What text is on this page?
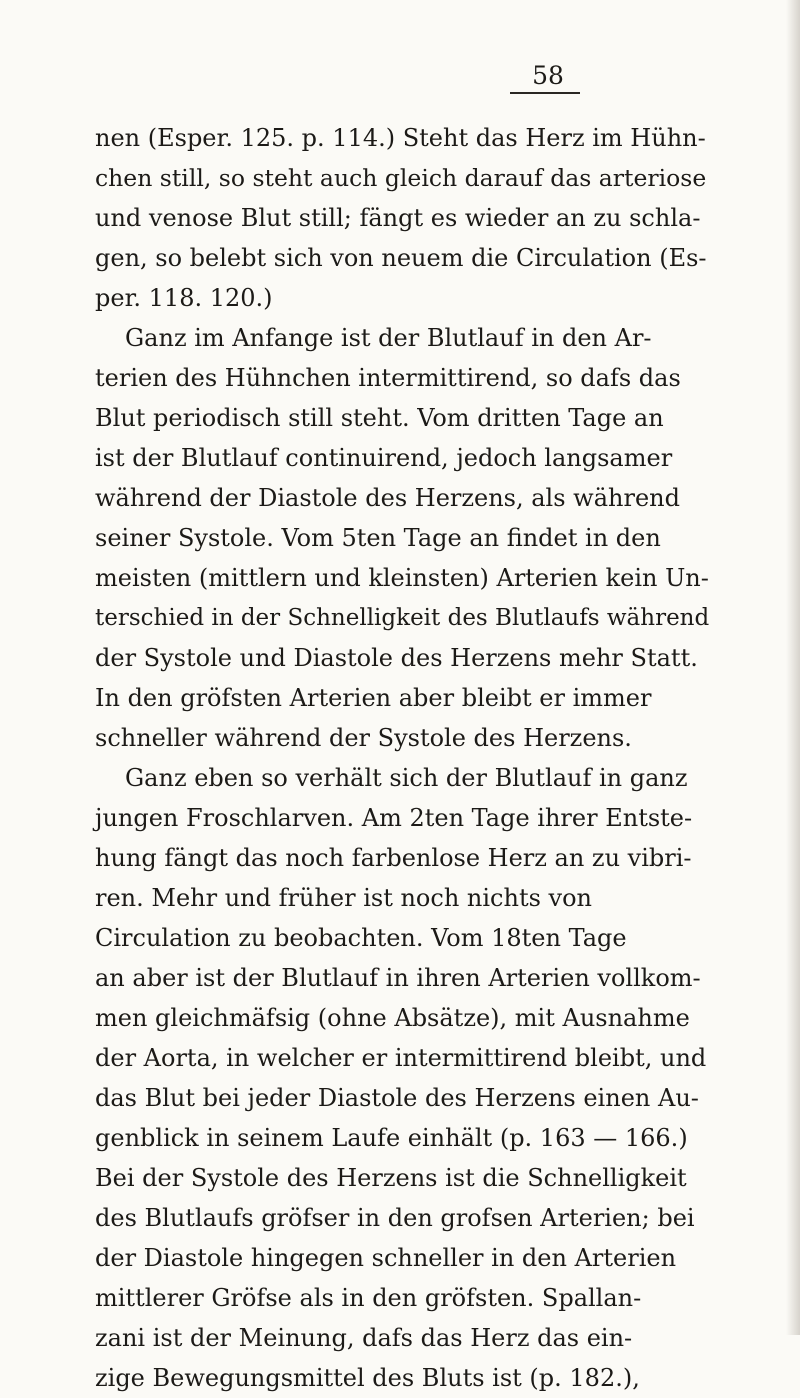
58
nen (Esper. 125. p. 114.) Steht das Herz im Hühn-
chen still, so steht auch gleich darauf das arteriose
und venose Blut still; fängt es wieder an zu schla-
gen, so belebt sich von neuem die Circulation (Es-
per. 118. 120.)
Ganz im Anfange ist der Blutlauf in den Ar-
terien des Hühnchen intermittirend, so dafs das
Blut periodisch still steht. Vom dritten Tage an
ist der Blutlauf continuirend, jedoch langsamer
während der Diastole des Herzens, als während
seiner Systole. Vom 5ten Tage an findet in den
meisten (mittlern und kleinsten) Arterien kein Un-
terschied in der Schnelligkeit des Blutlaufs während
der Systole und Diastole des Herzens mehr Statt.
In den gröfsten Arterien aber bleibt er immer
schneller während der Systole des Herzens.
Ganz eben so verhält sich der Blutlauf in ganz
jungen Froschlarven. Am 2ten Tage ihrer Entste-
hung fängt das noch farbenlose Herz an zu vibri-
ren. Mehr und früher ist noch nichts von
Circulation zu beobachten. Vom 18ten Tage
an aber ist der Blutlauf in ihren Arterien vollkom-
men gleichmäfsig (ohne Absätze), mit Ausnahme
der Aorta, in welcher er intermittirend bleibt, und
das Blut bei jeder Diastole des Herzens einen Au-
genblick in seinem Laufe einhält (p. 163 — 166.)
Bei der Systole des Herzens ist die Schnelligkeit
des Blutlaufs gröfser in den grofsen Arterien; bei
der Diastole hingegen schneller in den Arterien
mittlerer Gröfse als in den gröfsten. Spallan-
zani ist der Meinung, dafs das Herz das ein-
zige Bewegungsmittel des Bluts ist (p. 182.),
